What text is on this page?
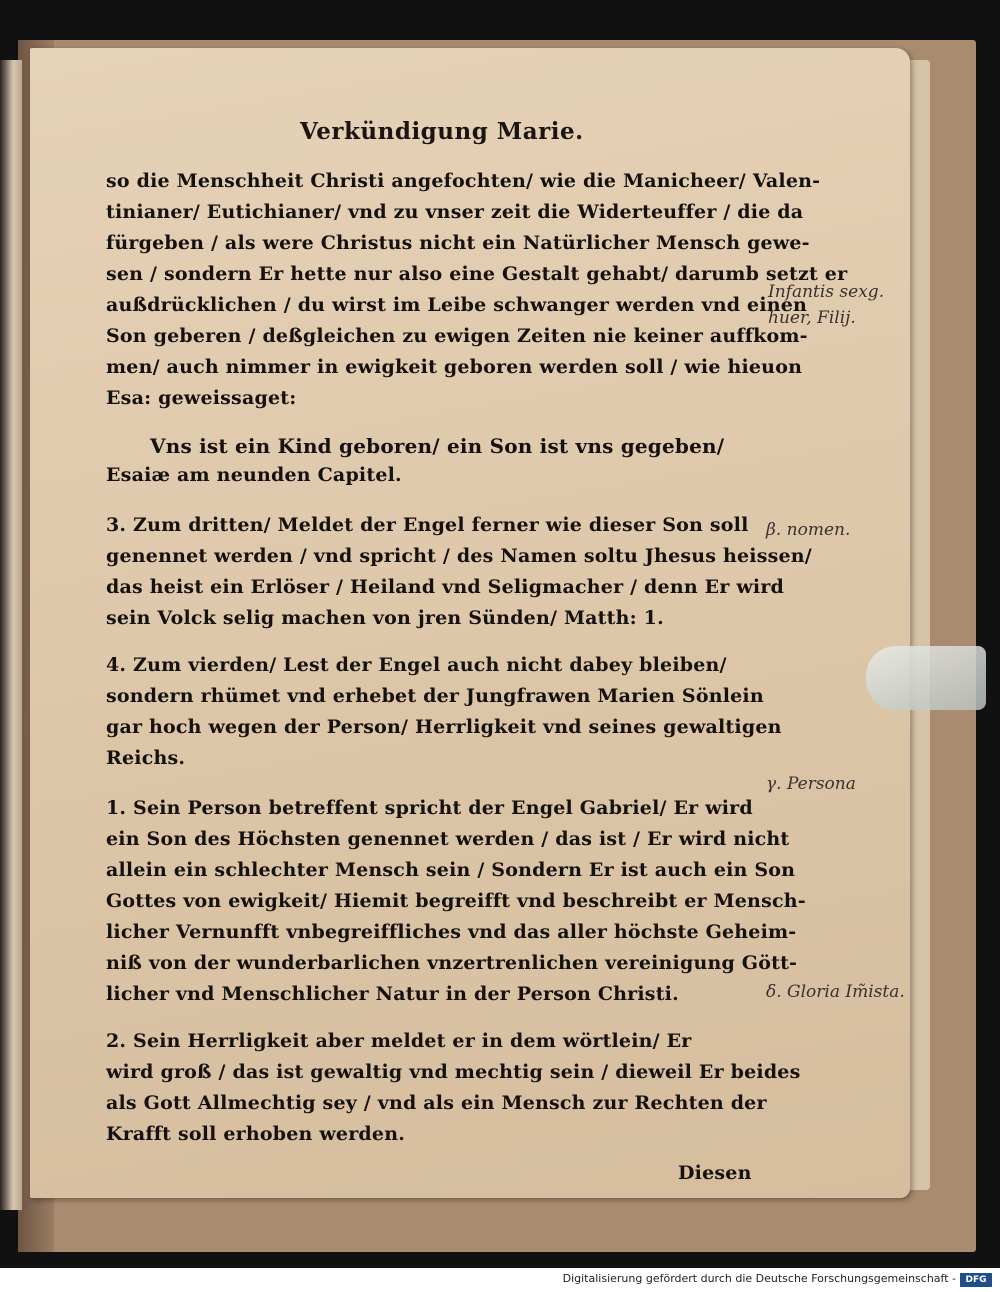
Verkündigung Marie.
so die Menschheit Christi angefochten/ wie die Manicheer/ Valen-
tinianer/ Eutichianer/ vnd zu vnser zeit die Widerteuffer / die da
fürgeben / als were Christus nicht ein Natürlicher Mensch gewe-
sen / sondern Er hette nur also eine Gestalt gehabt/ darumb setzt er
außdrücklichen / du wirst im Leibe schwanger werden vnd einen
Son geberen / deßgleichen zu ewigen Zeiten nie keiner auffkom-
men/ auch nimmer in ewigkeit geboren werden soll / wie hieuon
Esa: geweissaget:
Vns ist ein Kind geboren/ ein Son ist vns gegeben/
Esaiæ am neunden Capitel.
3. Zum dritten/ Meldet der Engel ferner wie dieser Son soll
genennet werden / vnd spricht / des Namen soltu Jhesus heissen/
das heist ein Erlöser / Heiland vnd Seligmacher / denn Er wird
sein Volck selig machen von jren Sünden/ Matth: 1.
4. Zum vierden/ Lest der Engel auch nicht dabey bleiben/
sondern rhümet vnd erhebet der Jungfrawen Marien Sönlein
gar hoch wegen der Person/ Herrligkeit vnd seines gewaltigen
Reichs.
1. Sein Person betreffent spricht der Engel Gabriel/ Er wird
ein Son des Höchsten genennet werden / das ist / Er wird nicht
allein ein schlechter Mensch sein / Sondern Er ist auch ein Son
Gottes von ewigkeit/ Hiemit begreifft vnd beschreibt er Mensch-
licher Vernunfft vnbegreiffliches vnd das aller höchste Geheim-
niß von der wunderbarlichen vnzertrenlichen vereinigung Gött-
licher vnd Menschlicher Natur in der Person Christi.
2. Sein Herrligkeit aber meldet er in dem wörtlein/ Er
wird groß / das ist gewaltig vnd mechtig sein / dieweil Er beides
als Gott Allmechtig sey / vnd als ein Mensch zur Rechten der
Krafft soll erhoben werden.
Diesen
Infantis sexg.
huer, Filij.
β. nomen.
γ. Persona
δ. Gloria Im̃ista.
Digitalisierung gefördert durch die Deutsche Forschungsgemeinschaft -	DFG
